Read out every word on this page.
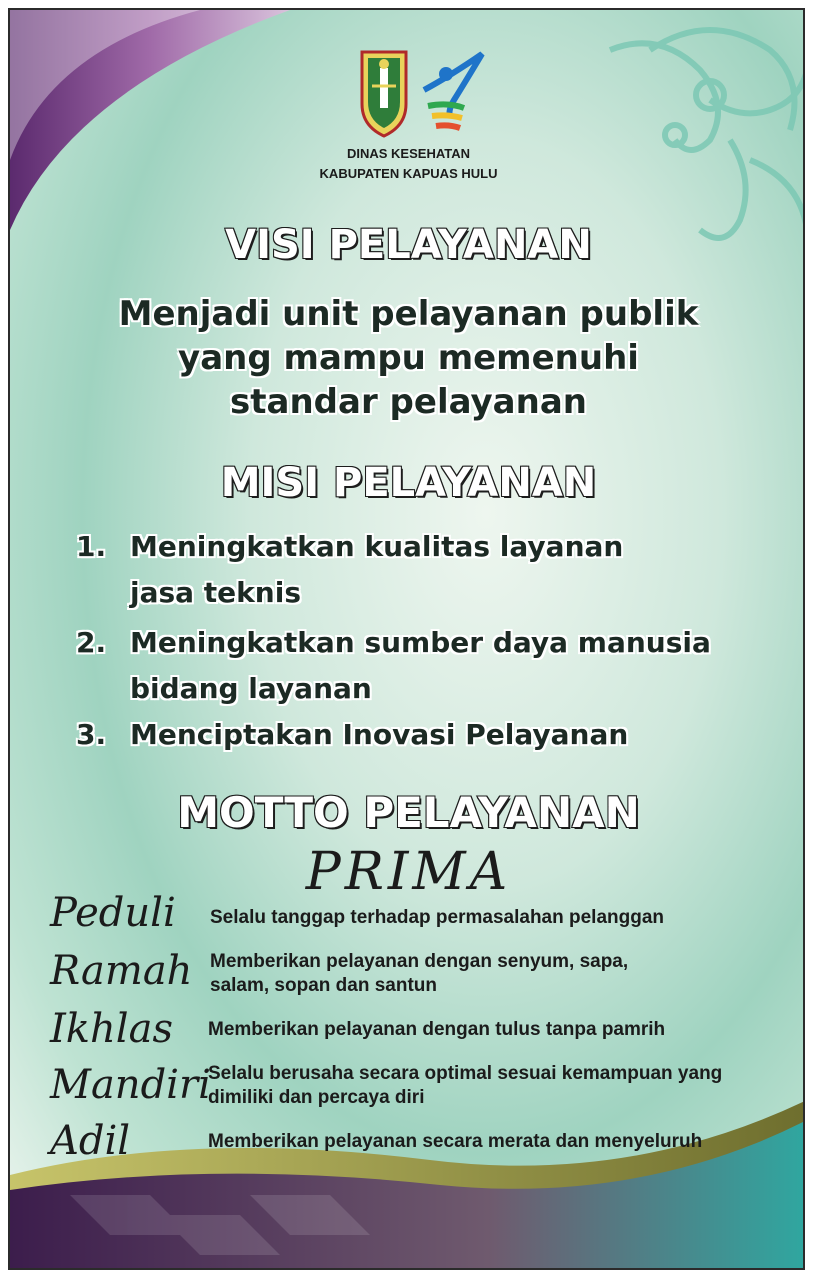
DINAS KESEHATAN
KABUPATEN KAPUAS HULU
VISI PELAYANAN
Menjadi unit pelayanan publik
yang mampu memenuhi
standar pelayanan
MISI PELAYANAN
1. Meningkatkan kualitas layanan
jasa teknis
2. Meningkatkan sumber daya manusia
bidang layanan
3. Menciptakan Inovasi Pelayanan
MOTTO PELAYANAN
PRIMA
Peduli Selalu tanggap terhadap permasalahan pelanggan
Ramah Memberikan pelayanan dengan senyum, sapa,
salam, sopan dan santun
Ikhlas Memberikan pelayanan dengan tulus tanpa pamrih
Mandiri
Selalu berusaha secara optimal sesuai kemampuan yang
dimiliki dan percaya diri
Adil	Memberikan pelayanan secara merata dan menyeluruh
